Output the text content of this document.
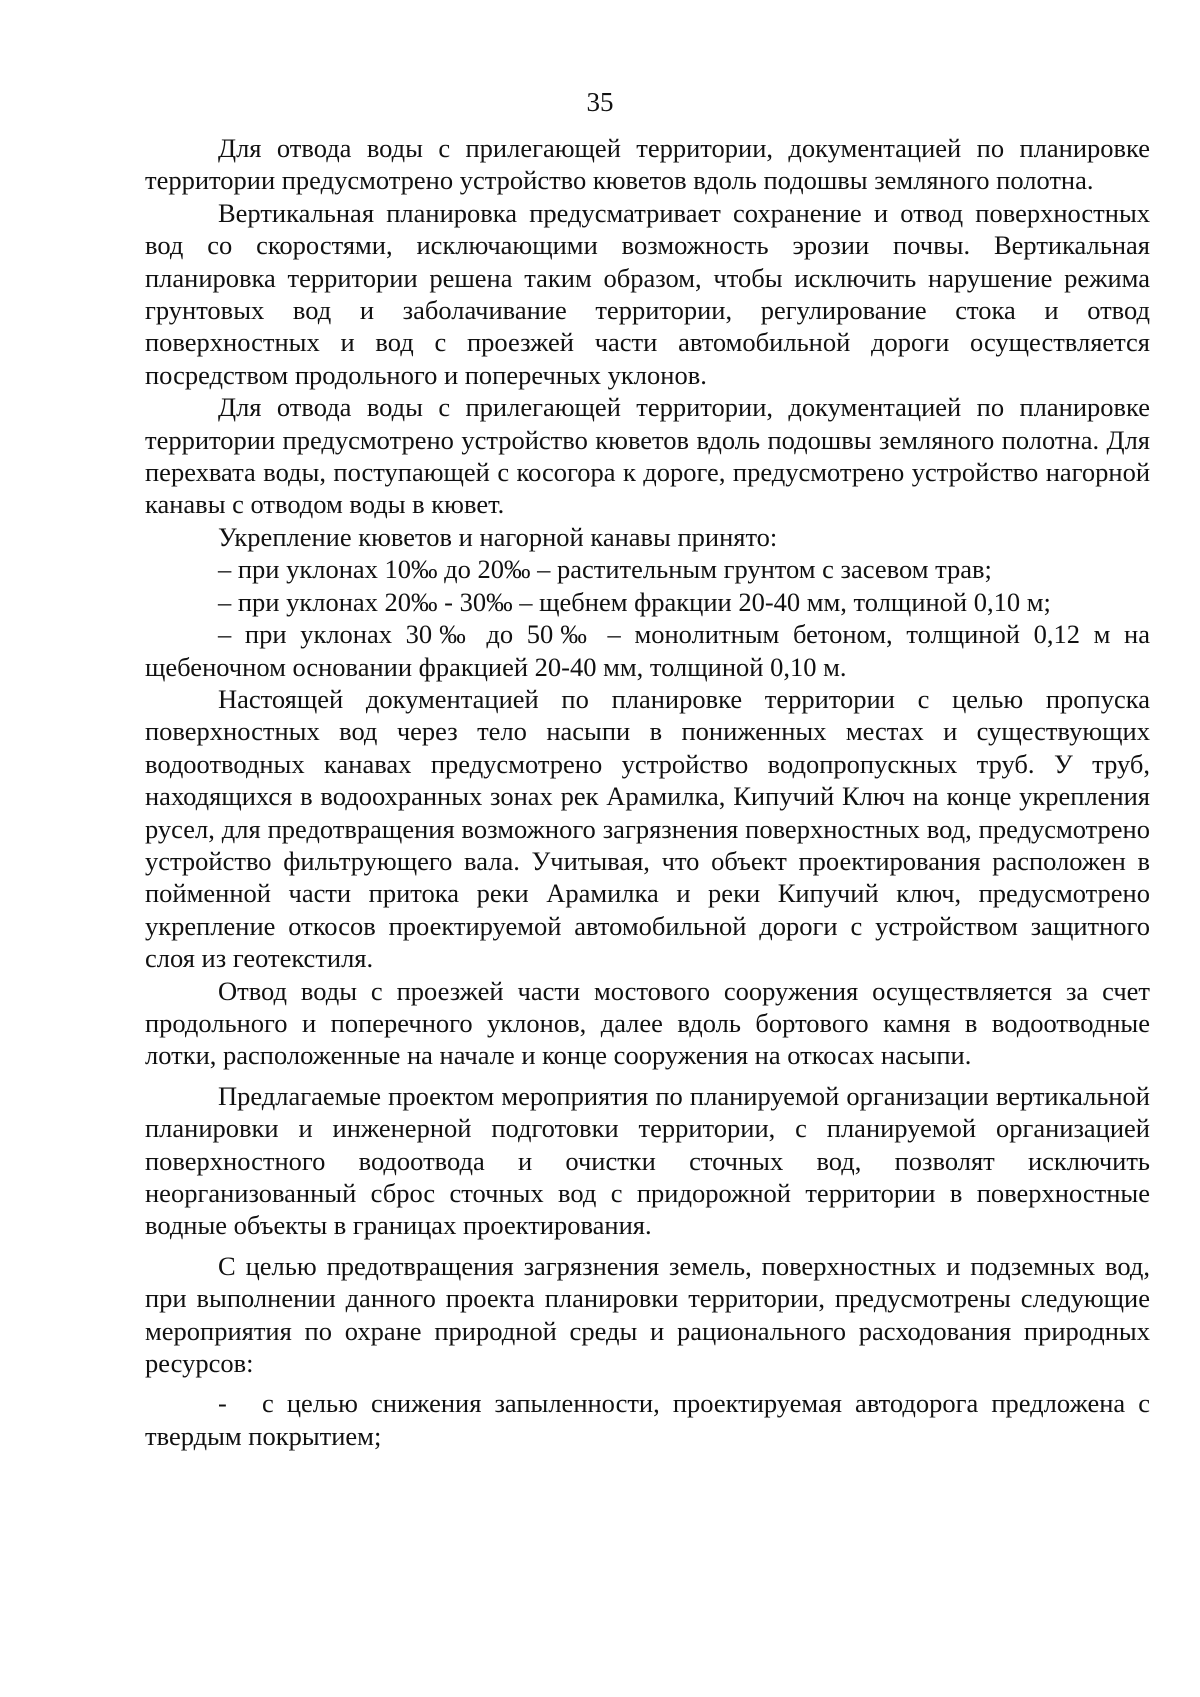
35

Для отвода воды с прилегающей территории, документацией по планировке территории предусмотрено устройство кюветов вдоль подошвы земляного полотна.

Вертикальная планировка предусматривает сохранение и отвод поверхностных вод со скоростями, исключающими возможность эрозии почвы. Вертикальная планировка территории решена таким образом, чтобы исключить нарушение режима грунтовых вод и заболачивание территории, регулирование стока и отвод поверхностных и вод с проезжей части автомобильной дороги осуществляется посредством продольного и поперечных уклонов.

Для отвода воды с прилегающей территории, документацией по планировке территории предусмотрено устройство кюветов вдоль подошвы земляного полотна. Для перехвата воды, поступающей с косогора к дороге, предусмотрено устройство нагорной канавы с отводом воды в кювет.

Укрепление кюветов и нагорной канавы принято:

– при уклонах 10‰ до 20‰ – растительным грунтом с засевом трав;

– при уклонах 20‰ - 30‰ – щебнем фракции 20-40 мм, толщиной 0,10 м;

– при уклонах 30‰ до 50‰ – монолитным бетоном, толщиной 0,12 м на щебеночном основании фракцией 20-40 мм, толщиной 0,10 м.

Настоящей документацией по планировке территории с целью пропуска поверхностных вод через тело насыпи в пониженных местах и существующих водоотводных канавах предусмотрено устройство водопропускных труб. У труб, находящихся в водоохранных зонах рек Арамилка, Кипучий Ключ на конце укрепления русел, для предотвращения возможного загрязнения поверхностных вод, предусмотрено устройство фильтрующего вала. Учитывая, что объект проектирования расположен в пойменной части притока реки Арамилка и реки Кипучий ключ, предусмотрено укрепление откосов проектируемой автомобильной дороги с устройством защитного слоя из геотекстиля.

Отвод воды с проезжей части мостового сооружения осуществляется за счет продольного и поперечного уклонов, далее вдоль бортового камня в водоотводные лотки, расположенные на начале и конце сооружения на откосах насыпи.

Предлагаемые проектом мероприятия по планируемой организации вертикальной планировки и инженерной подготовки территории, с планируемой организацией поверхностного водоотвода и очистки сточных вод, позволят исключить неорганизованный сброс сточных вод с придорожной территории в поверхностные водные объекты в границах проектирования.

С целью предотвращения загрязнения земель, поверхностных и подземных вод, при выполнении данного проекта планировки территории, предусмотрены следующие мероприятия по охране природной среды и рационального расходования природных ресурсов:

- с целью снижения запыленности, проектируемая автодорога предложена с твердым покрытием;
